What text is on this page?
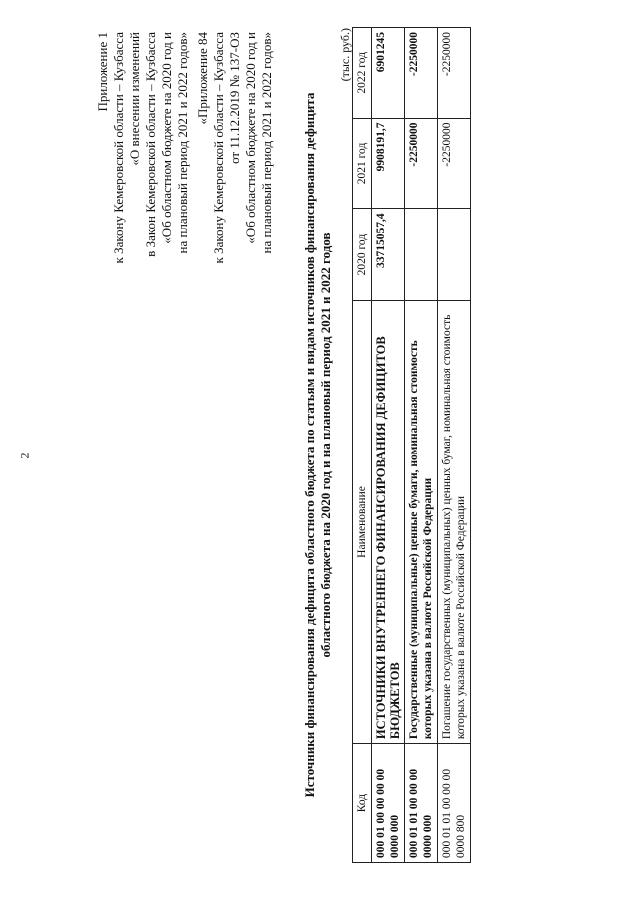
2
Приложение 1 к Закону Кемеровской области – Кузбасса «О внесении изменений в Закон Кемеровской области – Кузбасса «Об областном бюджете на 2020 год и на плановый период 2021 и 2022 годов» «Приложение 84 к Закону Кемеровской области – Кузбасса от 11.12.2019 № 137-ОЗ «Об областном бюджете на 2020 год и на плановый период 2021 и 2022 годов» Источники финансирования дефицита областного бюджета по статьям и видам источников финансирования дефицита областного бюджета на 2020 год и на плановый период 2021 и 2022 годов
(тыс. руб.)
Код	Наименование	2020 год	2021 год	2022 год
000 01 00 00 00 00 0000 000	ИСТОЧНИКИ ВНУТРЕННЕГО ФИНАНСИРОВАНИЯ ДЕФИЦИТОВ БЮДЖЕТОВ	33715057,4	9908191,7	6901245
000 01 01 00 00 00 0000 000	Государственные (муниципальные) ценные бумаги, номинальная стоимость которых указана в валюте Российской Федерации		-2250000	-2250000
000 01 01 00 00 00 0000 800	Погашение государственных (муниципальных) ценных бумаг, номинальная стоимость которых указана в валюте Российской Федерации		-2250000	-2250000
